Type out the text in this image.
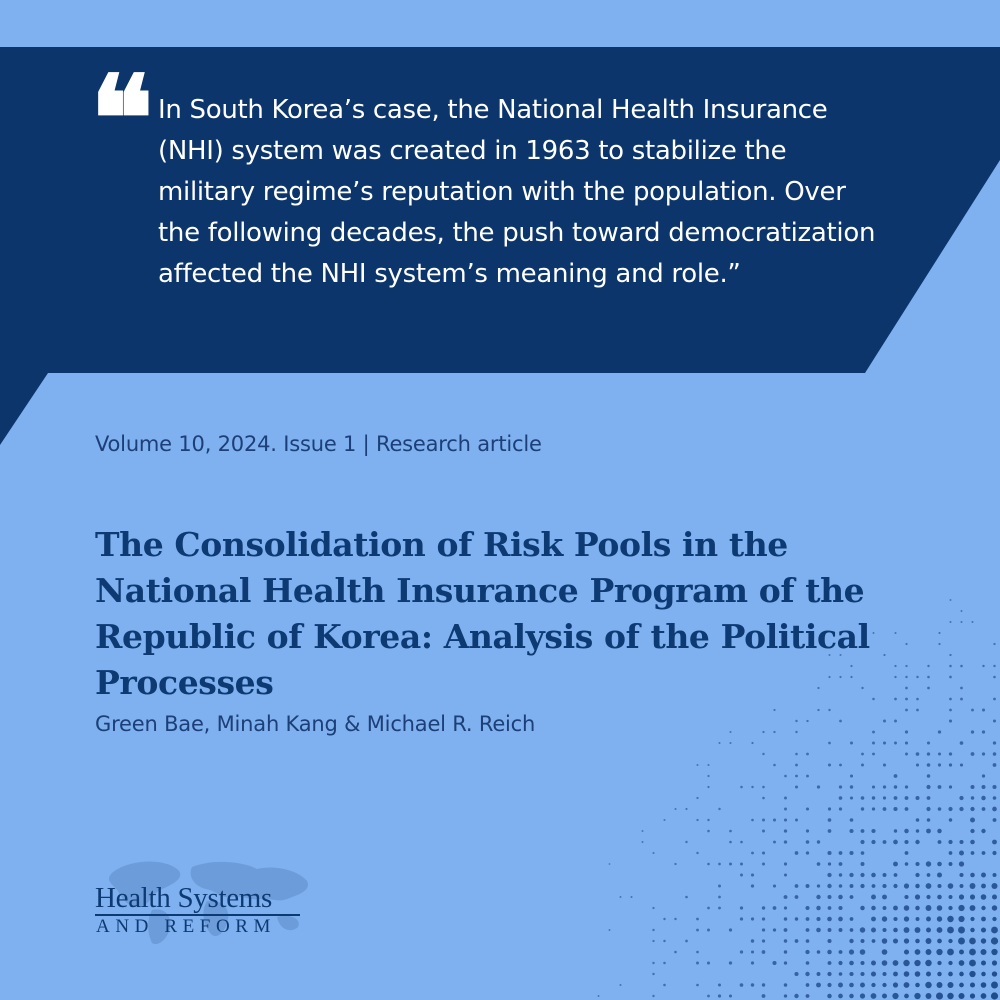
❝ In South Korea’s case, the National Health Insurance (NHI) system was created in 1963 to stabilize the military regime’s reputation with the population. Over the following decades, the push toward democratization affected the NHI system’s meaning and role.”
Volume 10, 2024. Issue 1 | Research article
The Consolidation of Risk Pools in the National Health Insurance Program of the Republic of Korea: Analysis of the Political Processes
Green Bae, Minah Kang & Michael R. Reich
Health Systems
AND REFORM
